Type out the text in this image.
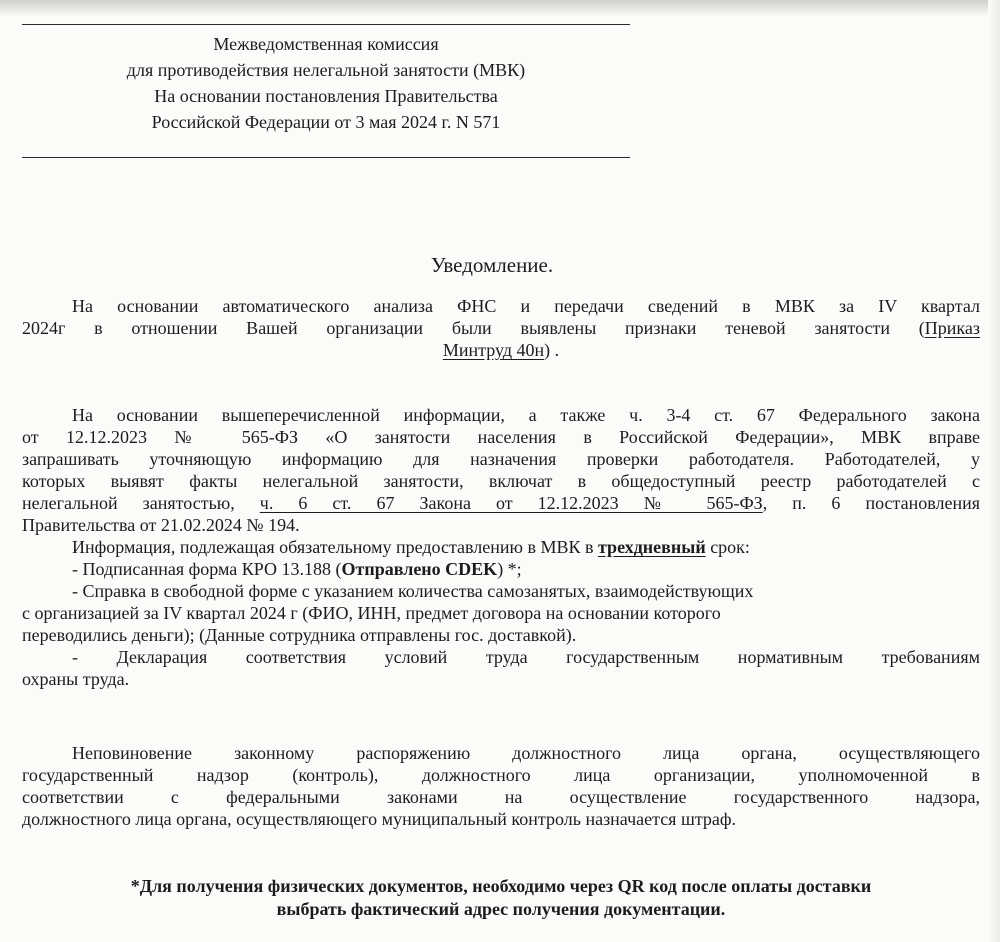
Межведомственная комиссия
для противодействия нелегальной занятости (МВК)
На основании постановления Правительства
Российской Федерации от 3 мая 2024 г. N 571
Уведомление.
На основании автоматического анализа ФНС и передачи сведений в МВК за IV квартал
2024г в отношении Вашей организации были выявлены признаки теневой занятости (Приказ
Минтруд 40н) .
На основании вышеперечисленной информации, а также ч. 3-4 ст. 67 Федерального закона
от 12.12.2023 № 565-ФЗ «О занятости населения в Российской Федерации», МВК вправе
запрашивать уточняющую информацию для назначения проверки работодателя. Работодателей, у
которых выявят факты нелегальной занятости, включат в общедоступный реестр работодателей с
нелегальной занятостью, ч. 6 ст. 67 Закона от 12.12.2023 № 565-ФЗ, п. 6 постановления
Правительства от 21.02.2024 № 194.
Информация, подлежащая обязательному предоставлению в МВК в трехдневный срок:
- Подписанная форма КРО 13.188 (Отправлено CDEK) *;
- Справка в свободной форме с указанием количества самозанятых, взаимодействующих
с организацией за IV квартал 2024 г (ФИО, ИНН, предмет договора на основании которого
переводились деньги); (Данные сотрудника отправлены гос. доставкой).
- Декларация соответствия условий труда государственным нормативным требованиям
охраны труда.
Неповиновение законному распоряжению должностного лица органа, осуществляющего
государственный надзор (контроль), должностного лица организации, уполномоченной в
соответствии с федеральными законами на осуществление государственного надзора,
должностного лица органа, осуществляющего муниципальный контроль назначается штраф.
*Для получения физических документов, необходимо через QR код после оплаты доставки
выбрать фактический адрес получения документации.
